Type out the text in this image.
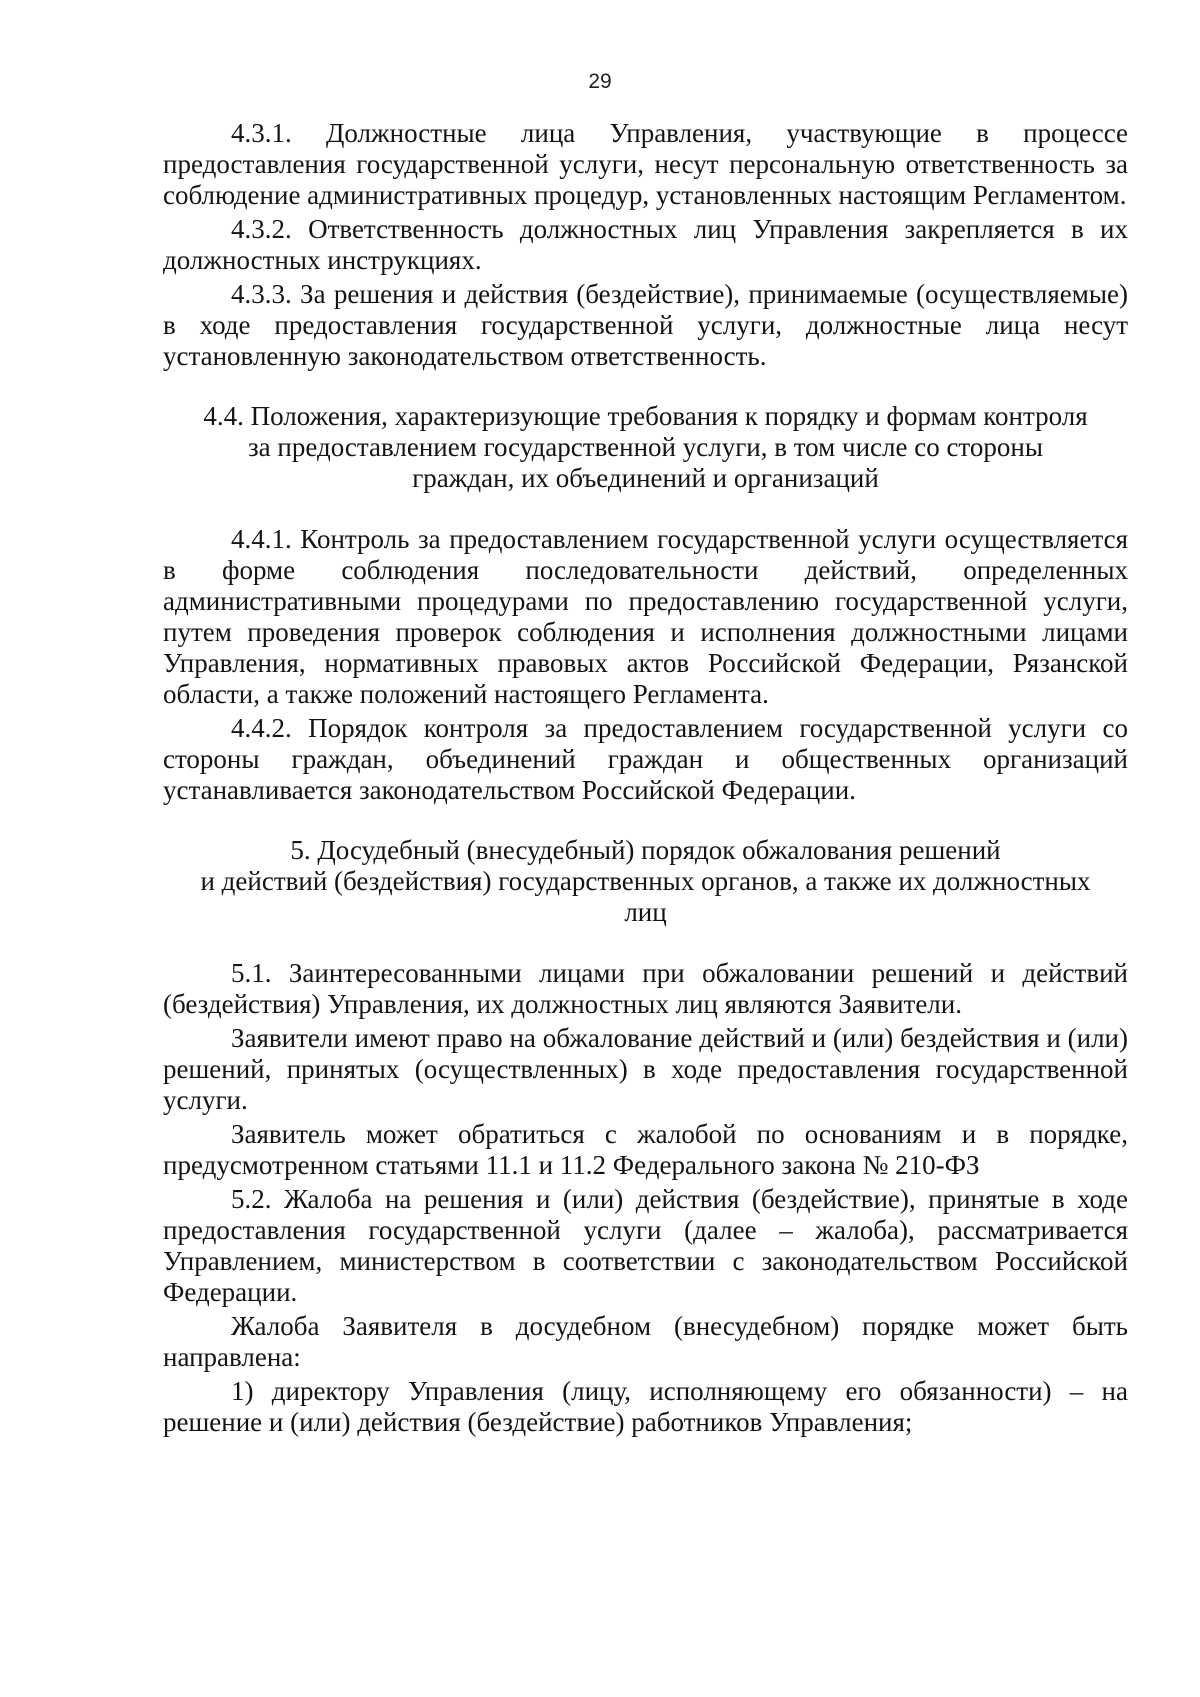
29

4.3.1. Должностные лица Управления, участвующие в процессе предоставления государственной услуги, несут персональную ответственность за соблюдение административных процедур, установленных настоящим Регламентом.

4.3.2. Ответственность должностных лиц Управления закрепляется в их должностных инструкциях.

4.3.3. За решения и действия (бездействие), принимаемые (осуществляемые) в ходе предоставления государственной услуги, должностные лица несут установленную законодательством ответственность.

4.4. Положения, характеризующие требования к порядку и формам контроля

за предоставлением государственной услуги, в том числе со стороны

граждан, их объединений и организаций

4.4.1. Контроль за предоставлением государственной услуги осуществляется в форме соблюдения последовательности действий, определенных административными процедурами по предоставлению государственной услуги, путем проведения проверок соблюдения и исполнения должностными лицами Управления, нормативных правовых актов Российской Федерации, Рязанской области, а также положений настоящего Регламента.

4.4.2. Порядок контроля за предоставлением государственной услуги со стороны граждан, объединений граждан и общественных организаций устанавливается законодательством Российской Федерации.

5. Досудебный (внесудебный) порядок обжалования решений

и действий (бездействия) государственных органов, а также их должностных

лиц

5.1. Заинтересованными лицами при обжаловании решений и действий (бездействия) Управления, их должностных лиц являются Заявители.

Заявители имеют право на обжалование действий и (или) бездействия и (или) решений, принятых (осуществленных) в ходе предоставления государственной услуги.

Заявитель может обратиться с жалобой по основаниям и в порядке, предусмотренном статьями 11.1 и 11.2 Федерального закона № 210-ФЗ

5.2. Жалоба на решения и (или) действия (бездействие), принятые в ходе предоставления государственной услуги (далее – жалоба), рассматривается Управлением, министерством в соответствии с законодательством Российской Федерации.

Жалоба Заявителя в досудебном (внесудебном) порядке может быть направлена:

1) директору Управления (лицу, исполняющему его обязанности) – на решение и (или) действия (бездействие) работников Управления;
